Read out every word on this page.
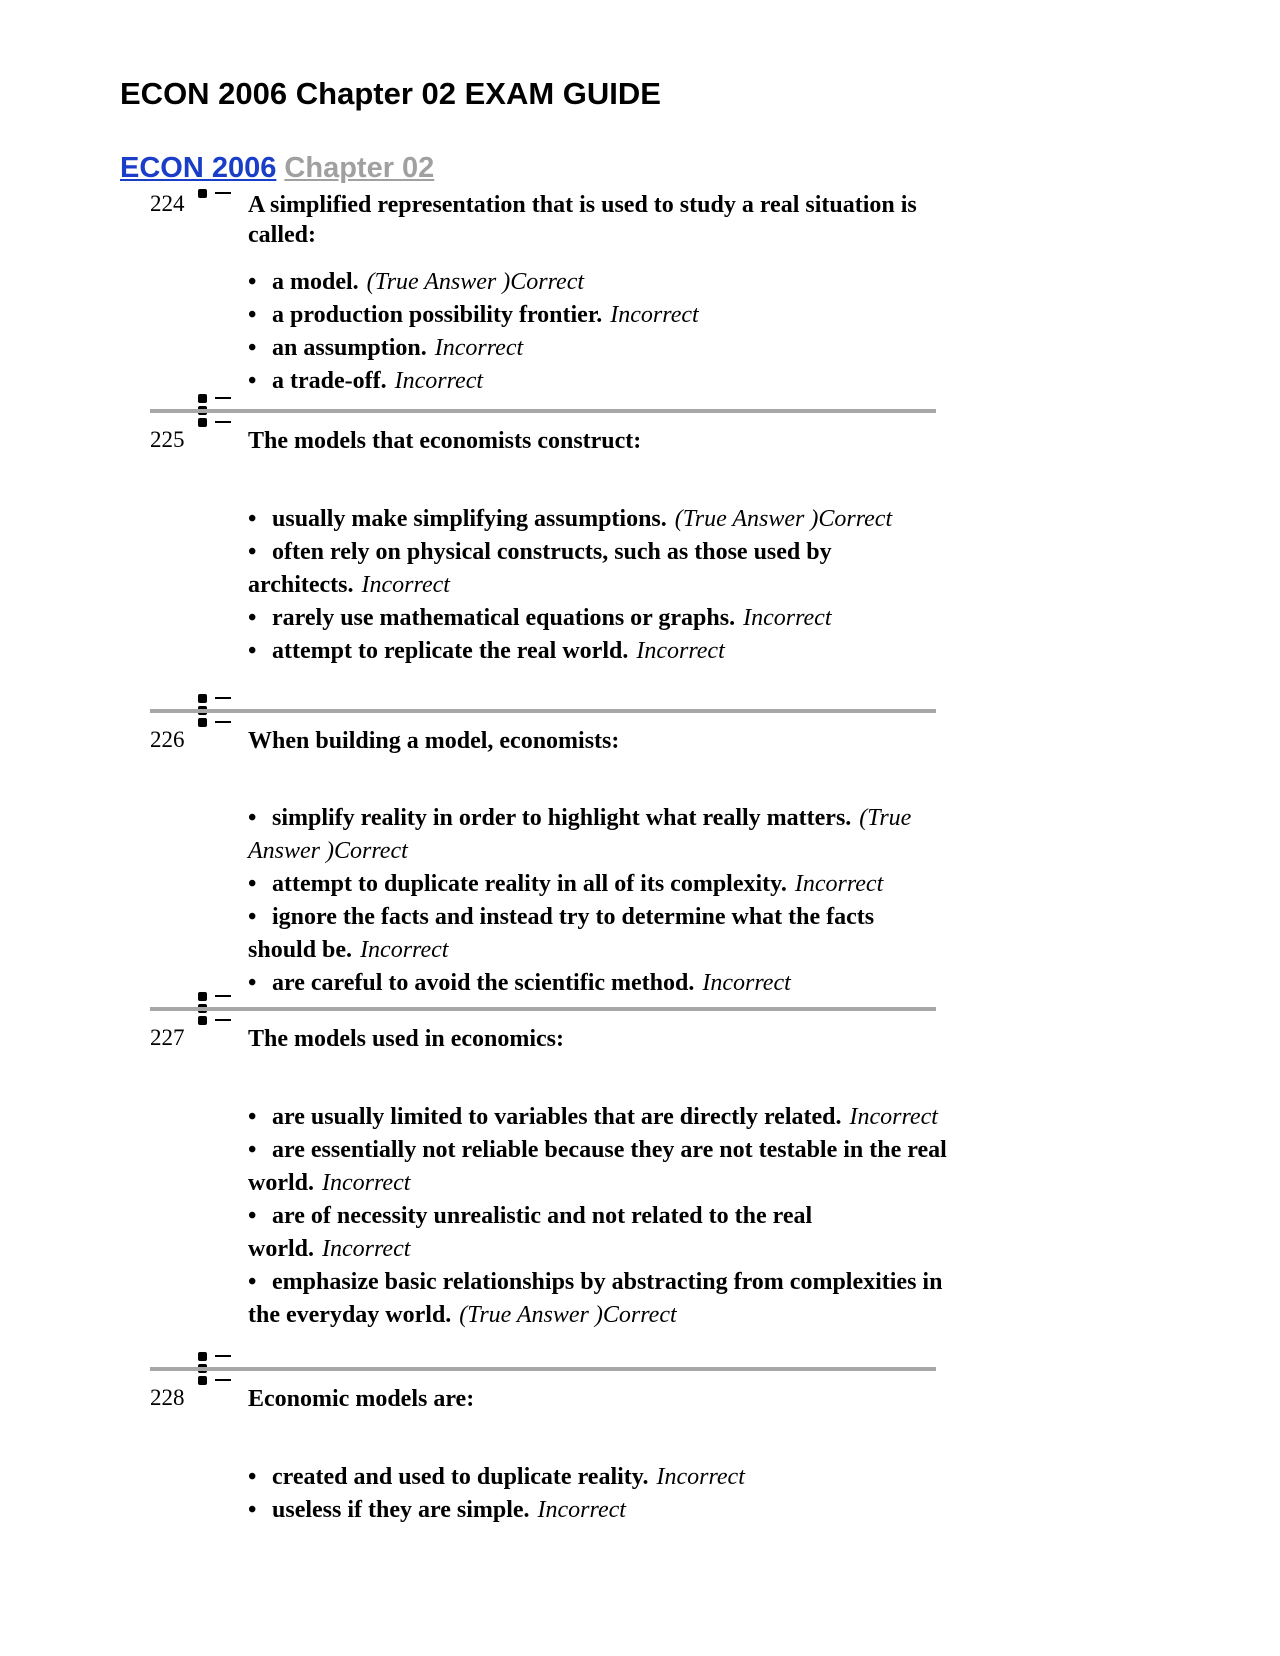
ECON 2006 Chapter 02 EXAM GUIDE
ECON 2006 Chapter 02
224	A simplified representation that is used to study a real situation is called:

• a model. (True Answer )Correct
• a production possibility frontier. Incorrect
• an assumption. Incorrect
• a trade-off. Incorrect
225	The models that economists construct:

• usually make simplifying assumptions. (True Answer )Correct
• often rely on physical constructs, such as those used by architects. Incorrect
• rarely use mathematical equations or graphs. Incorrect
• attempt to replicate the real world. Incorrect
226	When building a model, economists:

• simplify reality in order to highlight what really matters. (True Answer )Correct
• attempt to duplicate reality in all of its complexity. Incorrect
• ignore the facts and instead try to determine what the facts should be. Incorrect
• are careful to avoid the scientific method. Incorrect
227	The models used in economics:

• are usually limited to variables that are directly related. Incorrect
• are essentially not reliable because they are not testable in the real world. Incorrect
• are of necessity unrealistic and not related to the real world. Incorrect
• emphasize basic relationships by abstracting from complexities in the everyday world. (True Answer )Correct
228	Economic models are:

• created and used to duplicate reality. Incorrect
• useless if they are simple. Incorrect
